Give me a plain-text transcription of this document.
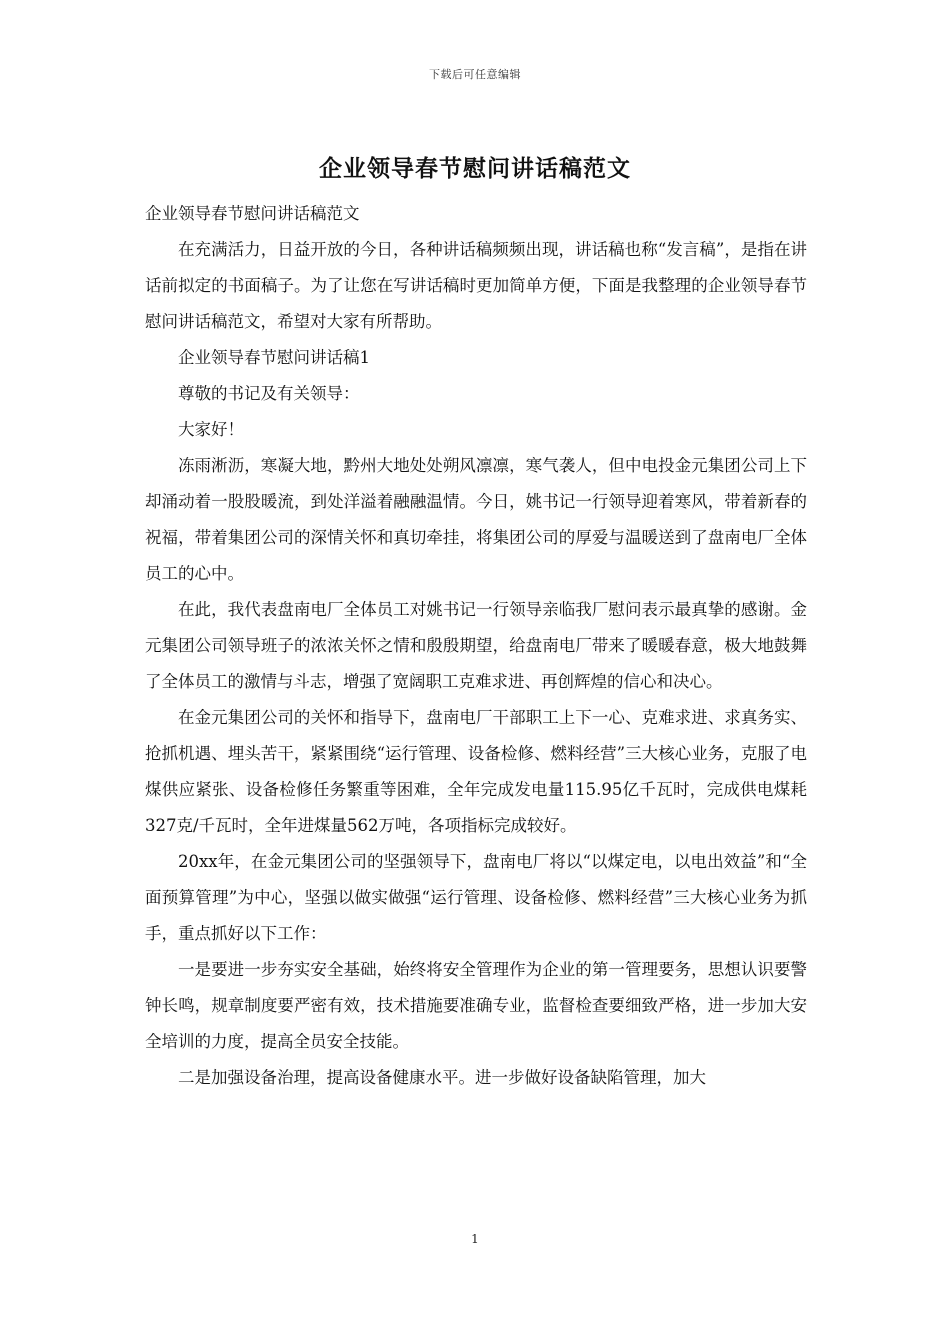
下载后可任意编辑
企业领导春节慰问讲话稿范文

企业领导春节慰问讲话稿范文

在充满活力，日益开放的今日，各种讲话稿频频出现，讲话稿也称“发言稿”，是指在讲话前拟定的书面稿子。为了让您在写讲话稿时更加简单方便，下面是我整理的企业领导春节慰问讲话稿范文，希望对大家有所帮助。

企业领导春节慰问讲话稿1

尊敬的书记及有关领导：

大家好！

冻雨淅沥，寒凝大地，黔州大地处处朔风凛凛，寒气袭人，但中电投金元集团公司上下却涌动着一股股暖流，到处洋溢着融融温情。今日，姚书记一行领导迎着寒风，带着新春的祝福，带着集团公司的深情关怀和真切牵挂，将集团公司的厚爱与温暖送到了盘南电厂全体员工的心中。

在此，我代表盘南电厂全体员工对姚书记一行领导亲临我厂慰问表示最真挚的感谢。金元集团公司领导班子的浓浓关怀之情和殷殷期望，给盘南电厂带来了暖暖春意，极大地鼓舞了全体员工的激情与斗志，增强了宽阔职工克难求进、再创辉煌的信心和决心。

在金元集团公司的关怀和指导下，盘南电厂干部职工上下一心、克难求进、求真务实、抢抓机遇、埋头苦干，紧紧围绕“运行管理、设备检修、燃料经营”三大核心业务，克服了电煤供应紧张、设备检修任务繁重等困难，全年完成发电量115.95亿千瓦时，完成供电煤耗327克/千瓦时，全年进煤量562万吨，各项指标完成较好。

20xx年，在金元集团公司的坚强领导下，盘南电厂将以“以煤定电，以电出效益”和“全面预算管理”为中心，坚强以做实做强“运行管理、设备检修、燃料经营”三大核心业务为抓手，重点抓好以下工作：

一是要进一步夯实安全基础，始终将安全管理作为企业的第一管理要务，思想认识要警钟长鸣，规章制度要严密有效，技术措施要准确专业，监督检查要细致严格，进一步加大安全培训的力度，提高全员安全技能。

二是加强设备治理，提高设备健康水平。进一步做好设备缺陷管理，加大

1
